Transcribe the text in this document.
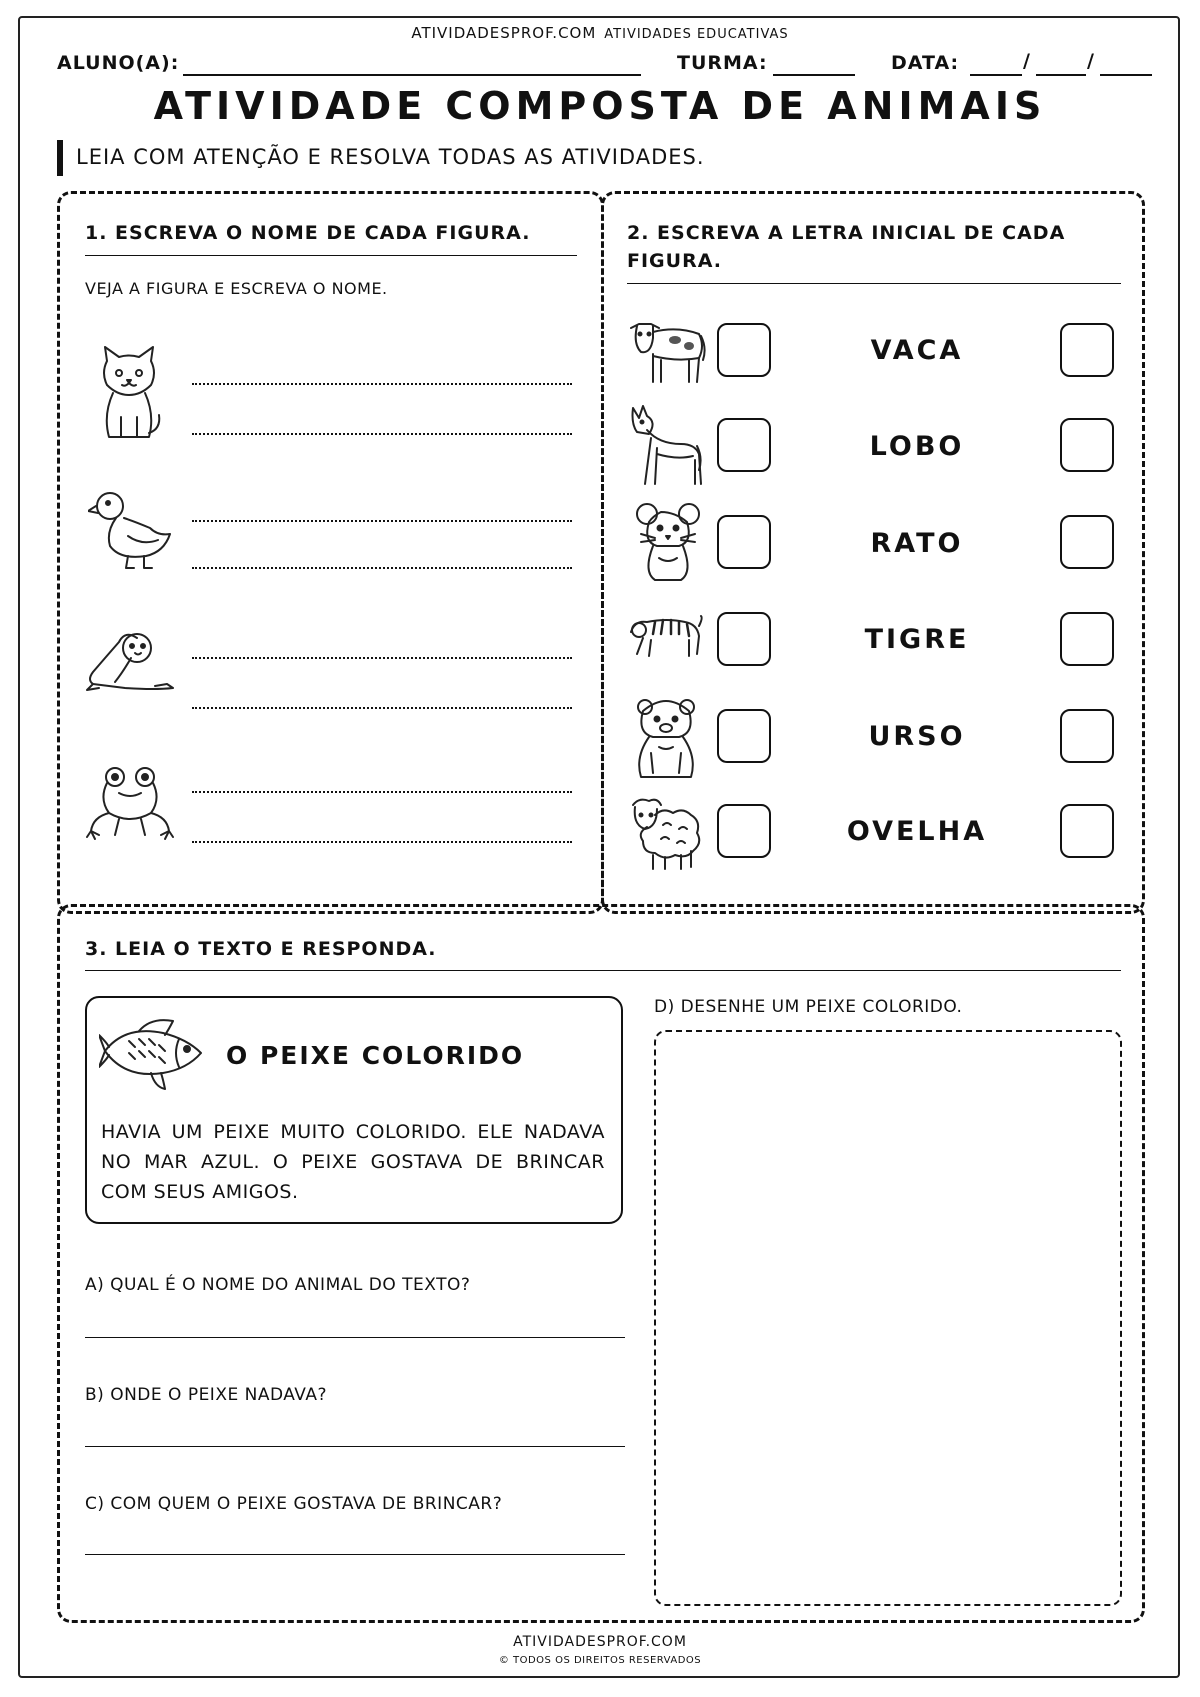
ATIVIDADESPROF.COM ATIVIDADES EDUCATIVAS
ALUNO(A):	TURMA:	DATA:	/	/
ATIVIDADE COMPOSTA DE ANIMAIS
LEIA COM ATENÇÃO E RESOLVA TODAS AS ATIVIDADES.
1. ESCREVA O NOME DE CADA FIGURA.
VEJA A FIGURA E ESCREVA O NOME.
2. ESCREVA A LETRA INICIAL DE CADA FIGURA.
VACA
LOBO
RATO
TIGRE
URSO
OVELHA
3. LEIA O TEXTO E RESPONDA.
O PEIXE COLORIDO
HAVIA UM PEIXE MUITO COLORIDO. ELE NADAVA NO MAR AZUL. O PEIXE GOSTAVA DE BRINCAR COM SEUS AMIGOS.
A) QUAL É O NOME DO ANIMAL DO TEXTO?
B) ONDE O PEIXE NADAVA?
C) COM QUEM O PEIXE GOSTAVA DE BRINCAR?
D) DESENHE UM PEIXE COLORIDO.
ATIVIDADESPROF.COM
© TODOS OS DIREITOS RESERVADOS
